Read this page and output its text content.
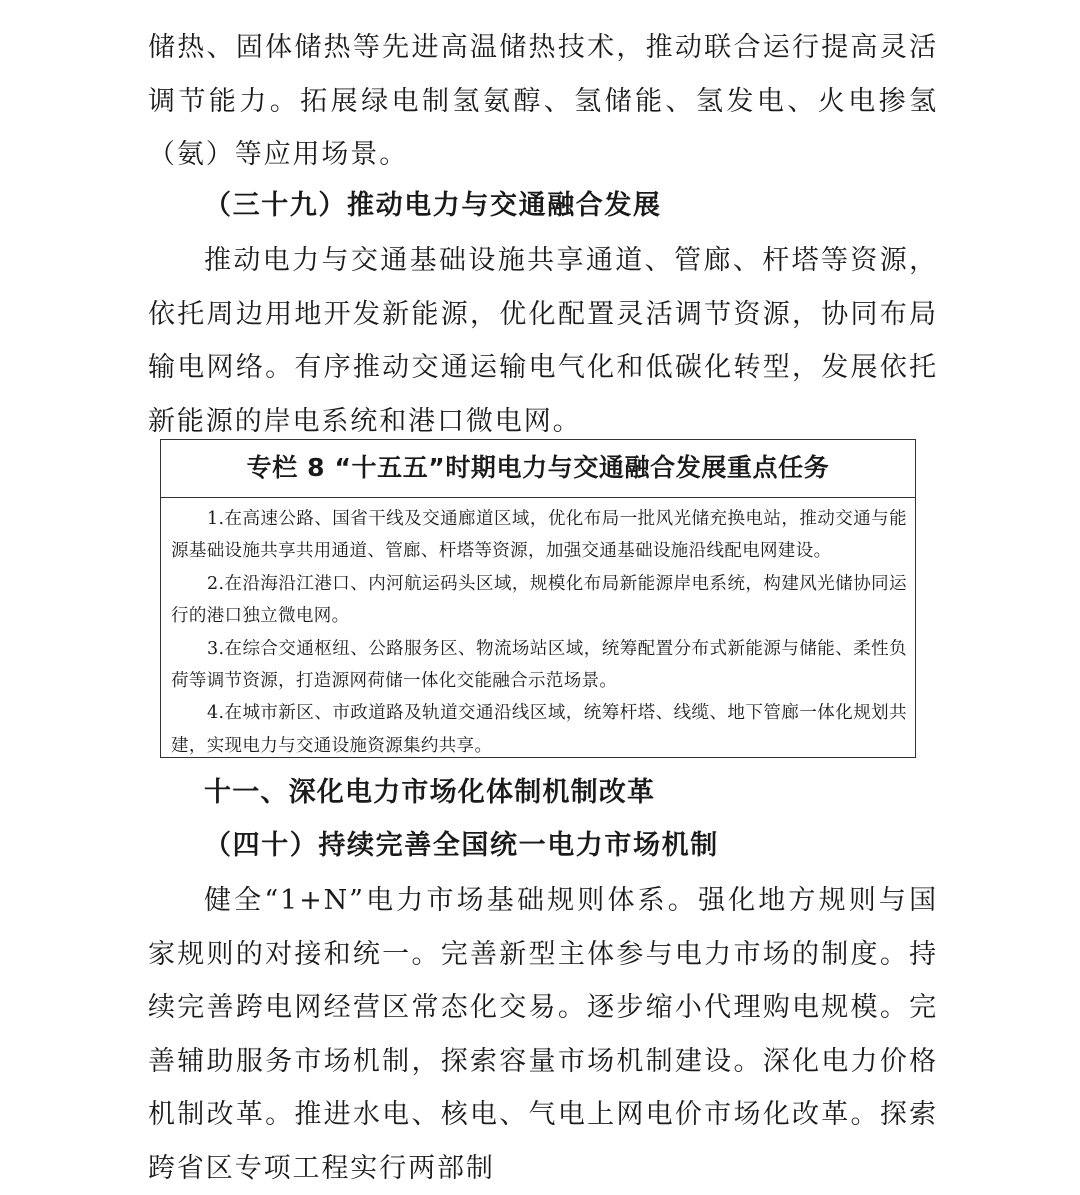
储热、固体储热等先进高温储热技术，推动联合运行提高灵活调节能力。拓展绿电制氢氨醇、氢储能、氢发电、火电掺氢（氨）等应用场景。

（三十九）推动电力与交通融合发展

推动电力与交通基础设施共享通道、管廊、杆塔等资源，依托周边用地开发新能源，优化配置灵活调节资源，协同布局输电网络。有序推动交通运输电气化和低碳化转型，发展依托新能源的岸电系统和港口微电网。

专栏 8 “十五五”时期电力与交通融合发展重点任务

1.在高速公路、国省干线及交通廊道区域，优化布局一批风光储充换电站，推动交通与能源基础设施共享共用通道、管廊、杆塔等资源，加强交通基础设施沿线配电网建设。

2.在沿海沿江港口、内河航运码头区域，规模化布局新能源岸电系统，构建风光储协同运行的港口独立微电网。

3.在综合交通枢纽、公路服务区、物流场站区域，统筹配置分布式新能源与储能、柔性负荷等调节资源，打造源网荷储一体化交能融合示范场景。

4.在城市新区、市政道路及轨道交通沿线区域，统筹杆塔、线缆、地下管廊一体化规划共建，实现电力与交通设施资源集约共享。

十一、深化电力市场化体制机制改革
（四十）持续完善全国统一电力市场机制

健全“1+N”电力市场基础规则体系。强化地方规则与国家规则的对接和统一。完善新型主体参与电力市场的制度。持续完善跨电网经营区常态化交易。逐步缩小代理购电规模。完善辅助服务市场机制，探索容量市场机制建设。深化电力价格机制改革。推进水电、核电、气电上网电价市场化改革。探索跨省区专项工程实行两部制
